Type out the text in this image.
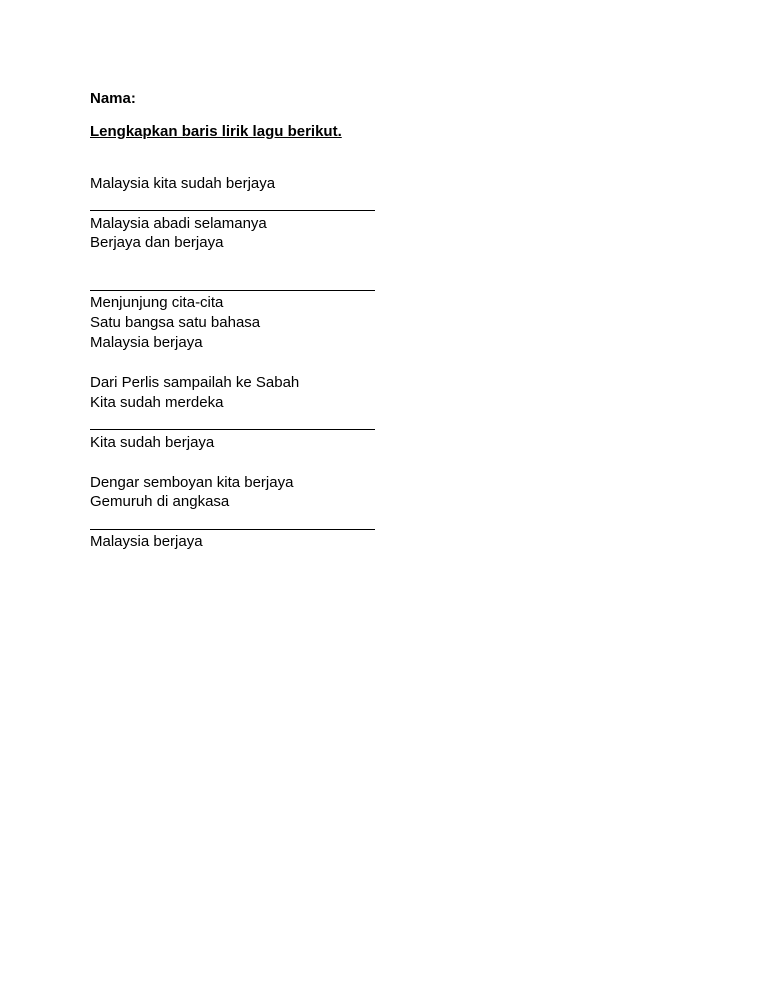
Nama:
Lengkapkan baris lirik lagu berikut.
Malaysia kita sudah berjaya
Malaysia abadi selamanya
Berjaya dan berjaya
Menjunjung cita-cita
Satu bangsa satu bahasa
Malaysia berjaya
Dari Perlis sampailah ke Sabah
Kita sudah merdeka
Kita sudah berjaya
Dengar semboyan kita berjaya
Gemuruh di angkasa
Malaysia berjaya
